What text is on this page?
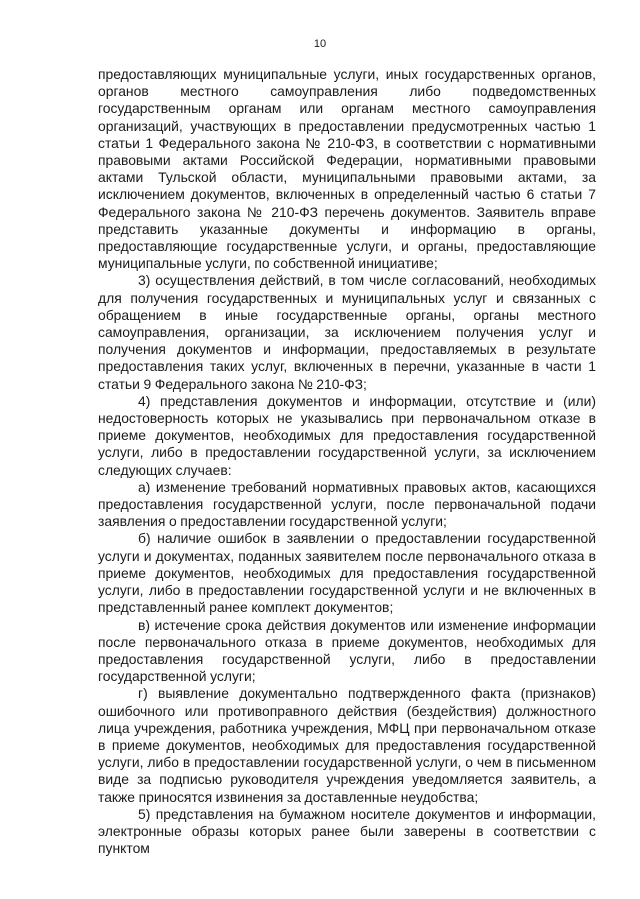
10

предоставляющих муниципальные услуги, иных государственных органов, органов местного самоуправления либо подведомственных государственным органам или органам местного самоуправления организаций, участвующих в предоставлении предусмотренных частью 1 статьи 1 Федерального закона № 210-ФЗ, в соответствии с нормативными правовыми актами Российской Федерации, нормативными правовыми актами Тульской области, муниципальными правовыми актами, за исключением документов, включенных в определенный частью 6 статьи 7 Федерального закона № 210-ФЗ перечень документов. Заявитель вправе представить указанные документы и информацию в органы, предоставляющие государственные услуги, и органы, предоставляющие муниципальные услуги, по собственной инициативе;

3) осуществления действий, в том числе согласований, необходимых для получения государственных и муниципальных услуг и связанных с обращением в иные государственные органы, органы местного самоуправления, организации, за исключением получения услуг и получения документов и информации, предоставляемых в результате предоставления таких услуг, включенных в перечни, указанные в части 1 статьи 9 Федерального закона № 210-ФЗ;

4) представления документов и информации, отсутствие и (или) недостоверность которых не указывались при первоначальном отказе в приеме документов, необходимых для предоставления государственной услуги, либо в предоставлении государственной услуги, за исключением следующих случаев:

а) изменение требований нормативных правовых актов, касающихся предоставления государственной услуги, после первоначальной подачи заявления о предоставлении государственной услуги;

б) наличие ошибок в заявлении о предоставлении государственной услуги и документах, поданных заявителем после первоначального отказа в приеме документов, необходимых для предоставления государственной услуги, либо в предоставлении государственной услуги и не включенных в представленный ранее комплект документов;

в) истечение срока действия документов или изменение информации после первоначального отказа в приеме документов, необходимых для предоставления государственной услуги, либо в предоставлении государственной услуги;

г) выявление документально подтвержденного факта (признаков) ошибочного или противоправного действия (бездействия) должностного лица учреждения, работника учреждения, МФЦ при первоначальном отказе в приеме документов, необходимых для предоставления государственной услуги, либо в предоставлении государственной услуги, о чем в письменном виде за подписью руководителя учреждения уведомляется заявитель, а также приносятся извинения за доставленные неудобства;

5) представления на бумажном носителе документов и информации, электронные образы которых ранее были заверены в соответствии с пунктом
